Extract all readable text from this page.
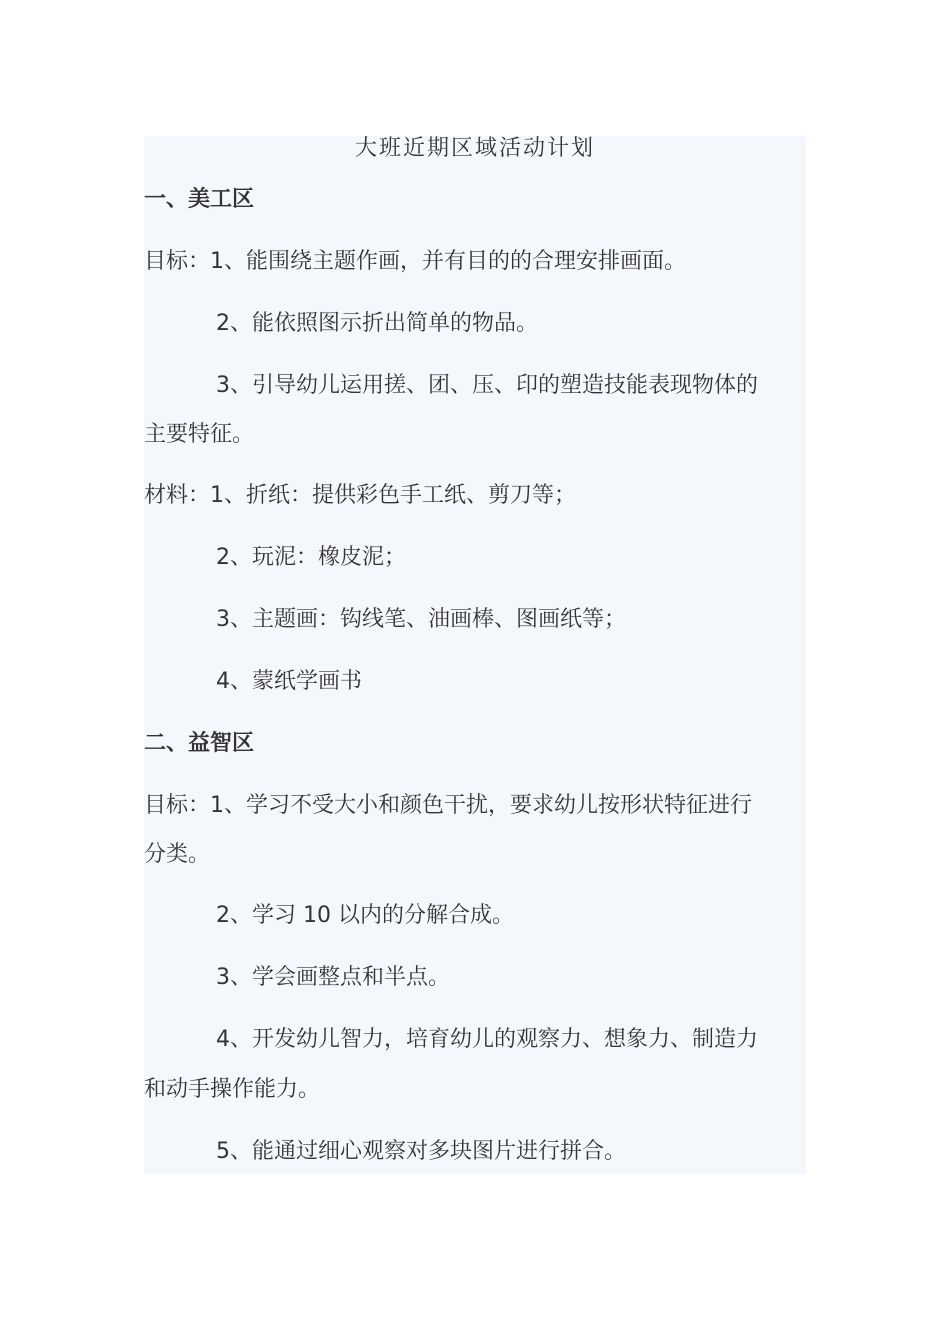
大班近期区域活动计划
一、美工区
目标：1、能围绕主题作画，并有目的的合理安排画面。
2、能依照图示折出简单的物品。
3、引导幼儿运用搓、团、压、印的塑造技能表现物体的
主要特征。
材料：1、折纸：提供彩色手工纸、剪刀等；
2、玩泥：橡皮泥；
3、主题画：钩线笔、油画棒、图画纸等；
4、蒙纸学画书
二、益智区
目标：1、学习不受大小和颜色干扰，要求幼儿按形状特征进行
分类。
2、学习 10 以内的分解合成。
3、学会画整点和半点。
4、开发幼儿智力，培育幼儿的观察力、想象力、制造力
和动手操作能力。
5、能通过细心观察对多块图片进行拼合。
